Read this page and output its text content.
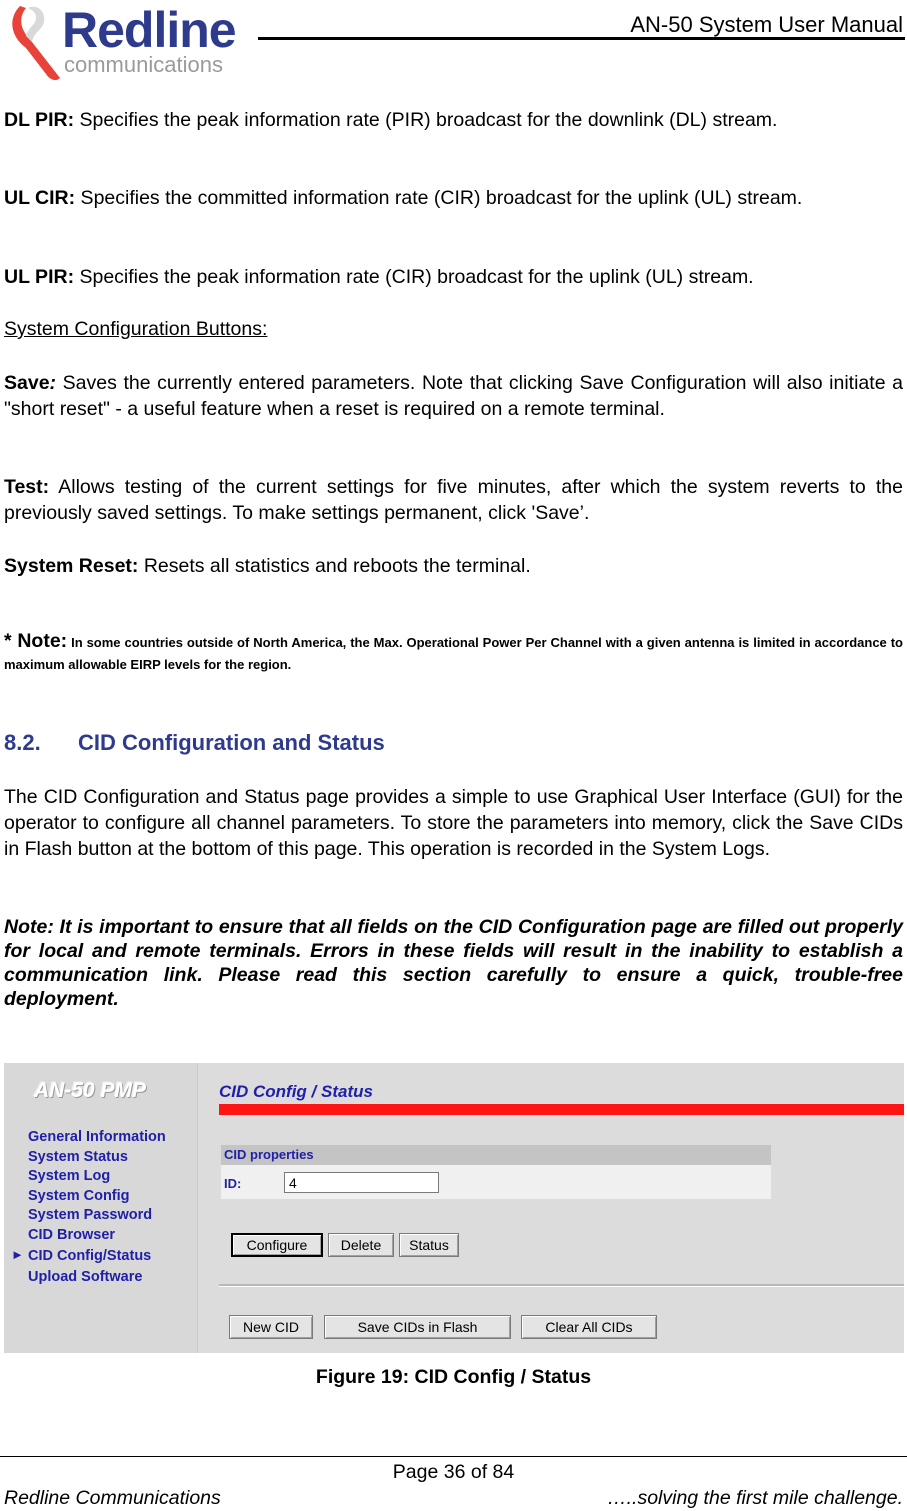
Redline
communications
AN-50 System User Manual
DL PIR: Specifies the peak information rate (PIR) broadcast for the downlink (DL) stream.
UL CIR: Specifies the committed information rate (CIR) broadcast for the uplink (UL) stream.
UL PIR: Specifies the peak information rate (CIR) broadcast for the uplink (UL) stream.
System Configuration Buttons:
Save: Saves the currently entered parameters. Note that clicking Save Configuration will also initiate a "short reset" - a useful feature when a reset is required on a remote terminal.
Test: Allows testing of the current settings for five minutes, after which the system reverts to the previously saved settings. To make settings permanent, click 'Save’.
System Reset: Resets all statistics and reboots the terminal.
* Note: In some countries outside of North America, the Max. Operational Power Per Channel with a given antenna is limited in accordance to maximum allowable EIRP levels for the region.
8.2. CID Configuration and Status
The CID Configuration and Status page provides a simple to use Graphical User Interface (GUI) for the operator to configure all channel parameters. To store the parameters into memory, click the Save CIDs in Flash button at the bottom of this page. This operation is recorded in the System Logs.
Note: It is important to ensure that all fields on the CID Configuration page are filled out properly for local and remote terminals. Errors in these fields will result in the inability to establish a communication link. Please read this section carefully to ensure a quick, trouble-free deployment.
AN-50 PMP
General Information
System Status
System Log
System Config
System Password
CID Browser
► CID Config/Status
Upload Software
CID Config / Status
CID properties
ID:	4
Configure	Delete	Status
New CID	Save CIDs in Flash	Clear All CIDs
Figure 19: CID Config / Status
Page 36 of 84
Redline Communications	…..solving the first mile challenge.
